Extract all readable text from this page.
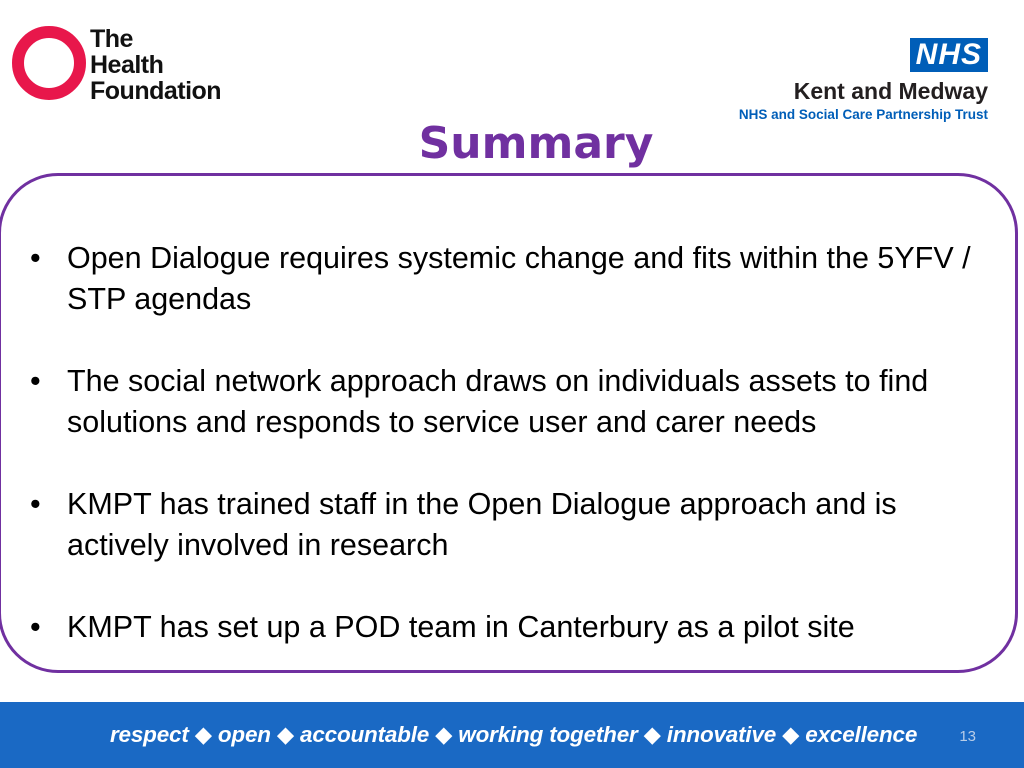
The
Health
Foundation
NHS
Kent and Medway
NHS and Social Care Partnership Trust
Summary
• Open Dialogue requires systemic change and fits within the 5YFV / STP agendas
• The social network approach draws on individuals assets to find solutions and responds to service user and carer needs
• KMPT has trained staff in the Open Dialogue approach and is actively involved in research
• KMPT has set up a POD team in Canterbury as a pilot site
respect ◆ open ◆ accountable ◆ working together ◆ innovative ◆ excellence	13
